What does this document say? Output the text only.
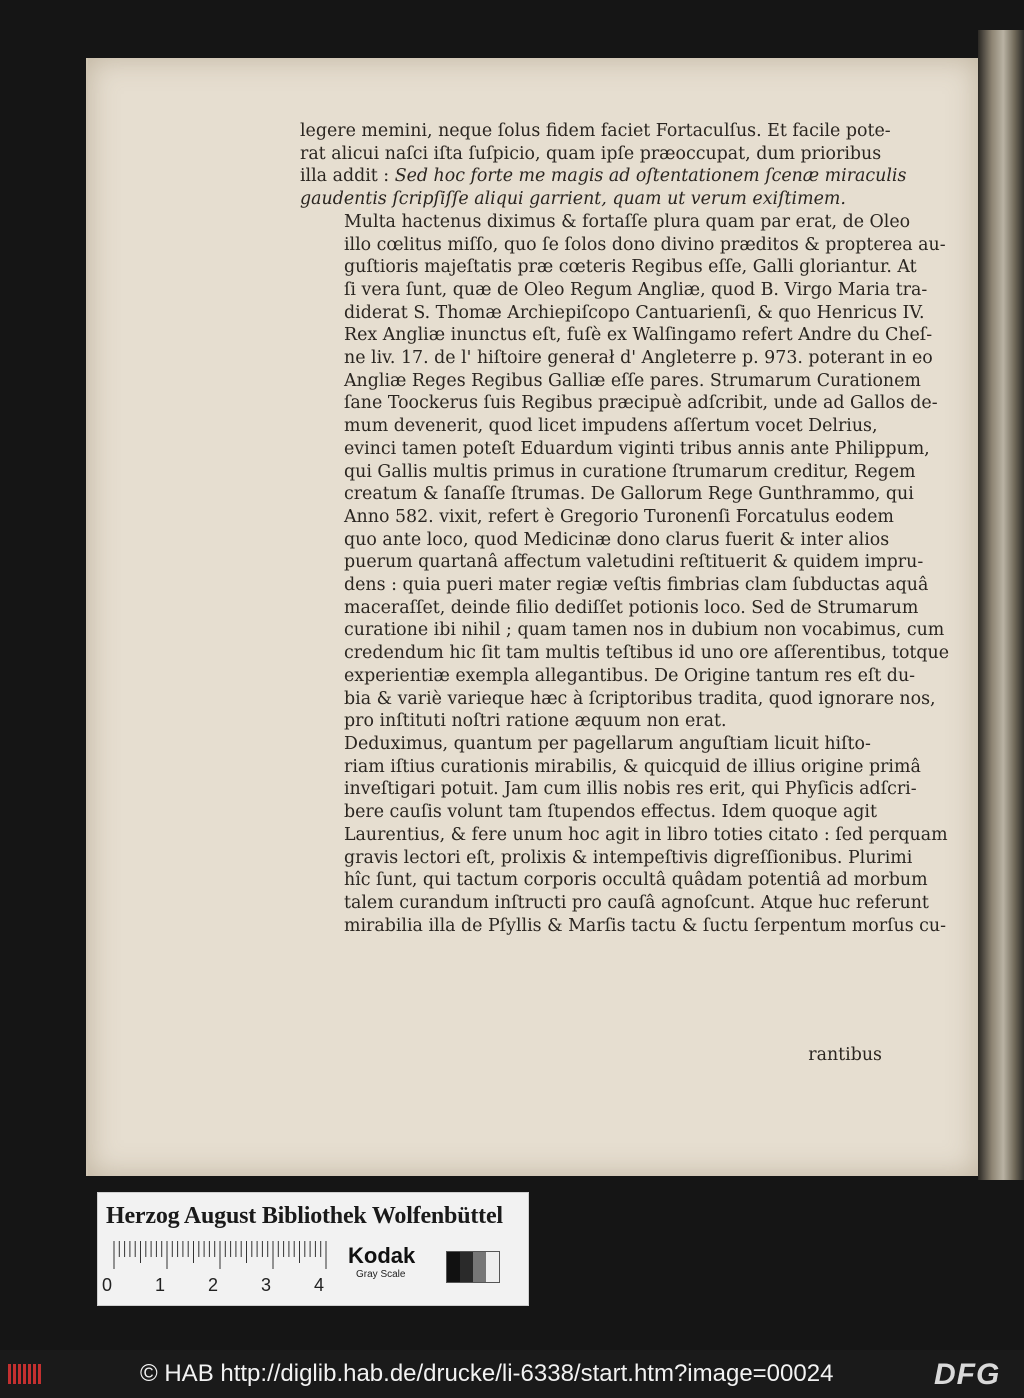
legere memini, neque ſolus fidem faciet Fortaculſus. Et facile pote-
rat alicui naſci iſta ſuſpicio, quam ipſe præoccupat, dum prioribus
illa addit : Sed hoc forte me magis ad oſtentationem ſcenæ miraculis
gaudentis ſcripſiſſe aliqui garrient, quam ut verum exiſtimem.

Multa hactenus diximus & fortaſſe plura quam par erat, de Oleo
illo cœlitus miſſo, quo ſe ſolos dono divino præditos & propterea au-
guſtioris majeſtatis præ cœteris Regibus eſſe, Galli gloriantur. At
ſi vera ſunt, quæ de Oleo Regum Angliæ, quod B. Virgo Maria tra-
diderat S. Thomæ Archiepiſcopo Cantuarienſi, & quo Henricus IV.
Rex Angliæ inunctus eſt, fuſè ex Walſingamo refert Andre du Cheſ-
ne liv. 17. de l' hiſtoire generał d' Angleterre p. 973. poterant in eo
Angliæ Reges Regibus Galliæ eſſe pares. Strumarum Curationem
ſane Toockerus ſuis Regibus præcipuè adſcribit, unde ad Gallos de-
mum devenerit, quod licet impudens aſſertum vocet Delrius,
evinci tamen poteſt Eduardum viginti tribus annis ante Philippum,
qui Gallis multis primus in curatione ſtrumarum creditur, Regem
creatum & ſanaſſe ſtrumas. De Gallorum Rege Gunthrammo, qui
Anno 582. vixit, refert è Gregorio Turonenſi Forcatulus eodem
quo ante loco, quod Medicinæ dono clarus fuerit & inter alios
puerum quartanâ affectum valetudini reſtituerit & quidem impru-
dens : quia pueri mater regiæ veſtis fimbrias clam ſubductas aquâ
maceraſſet, deinde filio dediſſet potionis loco. Sed de Strumarum
curatione ibi nihil ; quam tamen nos in dubium non vocabimus, cum
credendum hic ſit tam multis teſtibus id uno ore aſſerentibus, totque
experientiæ exempla allegantibus. De Origine tantum res eſt du-
bia & variè varieque hæc à ſcriptoribus tradita, quod ignorare nos,
pro inſtituti noſtri ratione æquum non erat.

Deduximus, quantum per pagellarum anguſtiam licuit hiſto-
riam iſtius curationis mirabilis, & quicquid de illius origine primâ
inveſtigari potuit. Jam cum illis nobis res erit, qui Phyſicis adſcri-
bere cauſis volunt tam ſtupendos effectus. Idem quoque agit
Laurentius, & fere unum hoc agit in libro toties citato : ſed perquam
gravis lectori eſt, prolixis & intempeſtivis digreſſionibus. Plurimi
hîc ſunt, qui tactum corporis occultâ quâdam potentiâ ad morbum
talem curandum inſtructi pro cauſâ agnoſcunt. Atque huc referunt
mirabilia illa de Pſyllis & Marſis tactu & ſuctu ſerpentum morſus cu-

rantibus
Herzog August Bibliothek Wolfenbüttel
0 1 2 3 4
Kodak
Gray Scale
© HAB http://diglib.hab.de/drucke/li-6338/start.htm?image=00024	DFG
